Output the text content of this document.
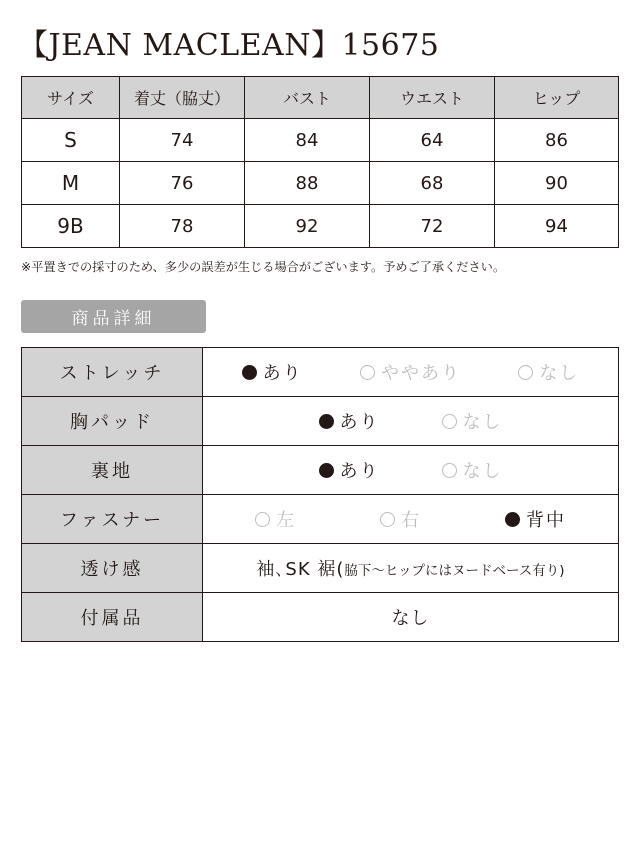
【JEAN MACLEAN】15675
サイズ	着丈（脇丈）	バスト	ウエスト	ヒップ
S	74	84	64	86
M	76	88	68	90
9B	78	92	72	94
※平置きでの採寸のため、多少の誤差が生じる場合がございます。予めご了承ください。
商品詳細
ストレッチ	あり ややあり なし

胸パッド	あり なし

裏地	あり なし

ファスナー	左 右 背中

透け感	袖､SK 裾(脇下〜ヒップにはヌードベース有り)
付属品	なし
